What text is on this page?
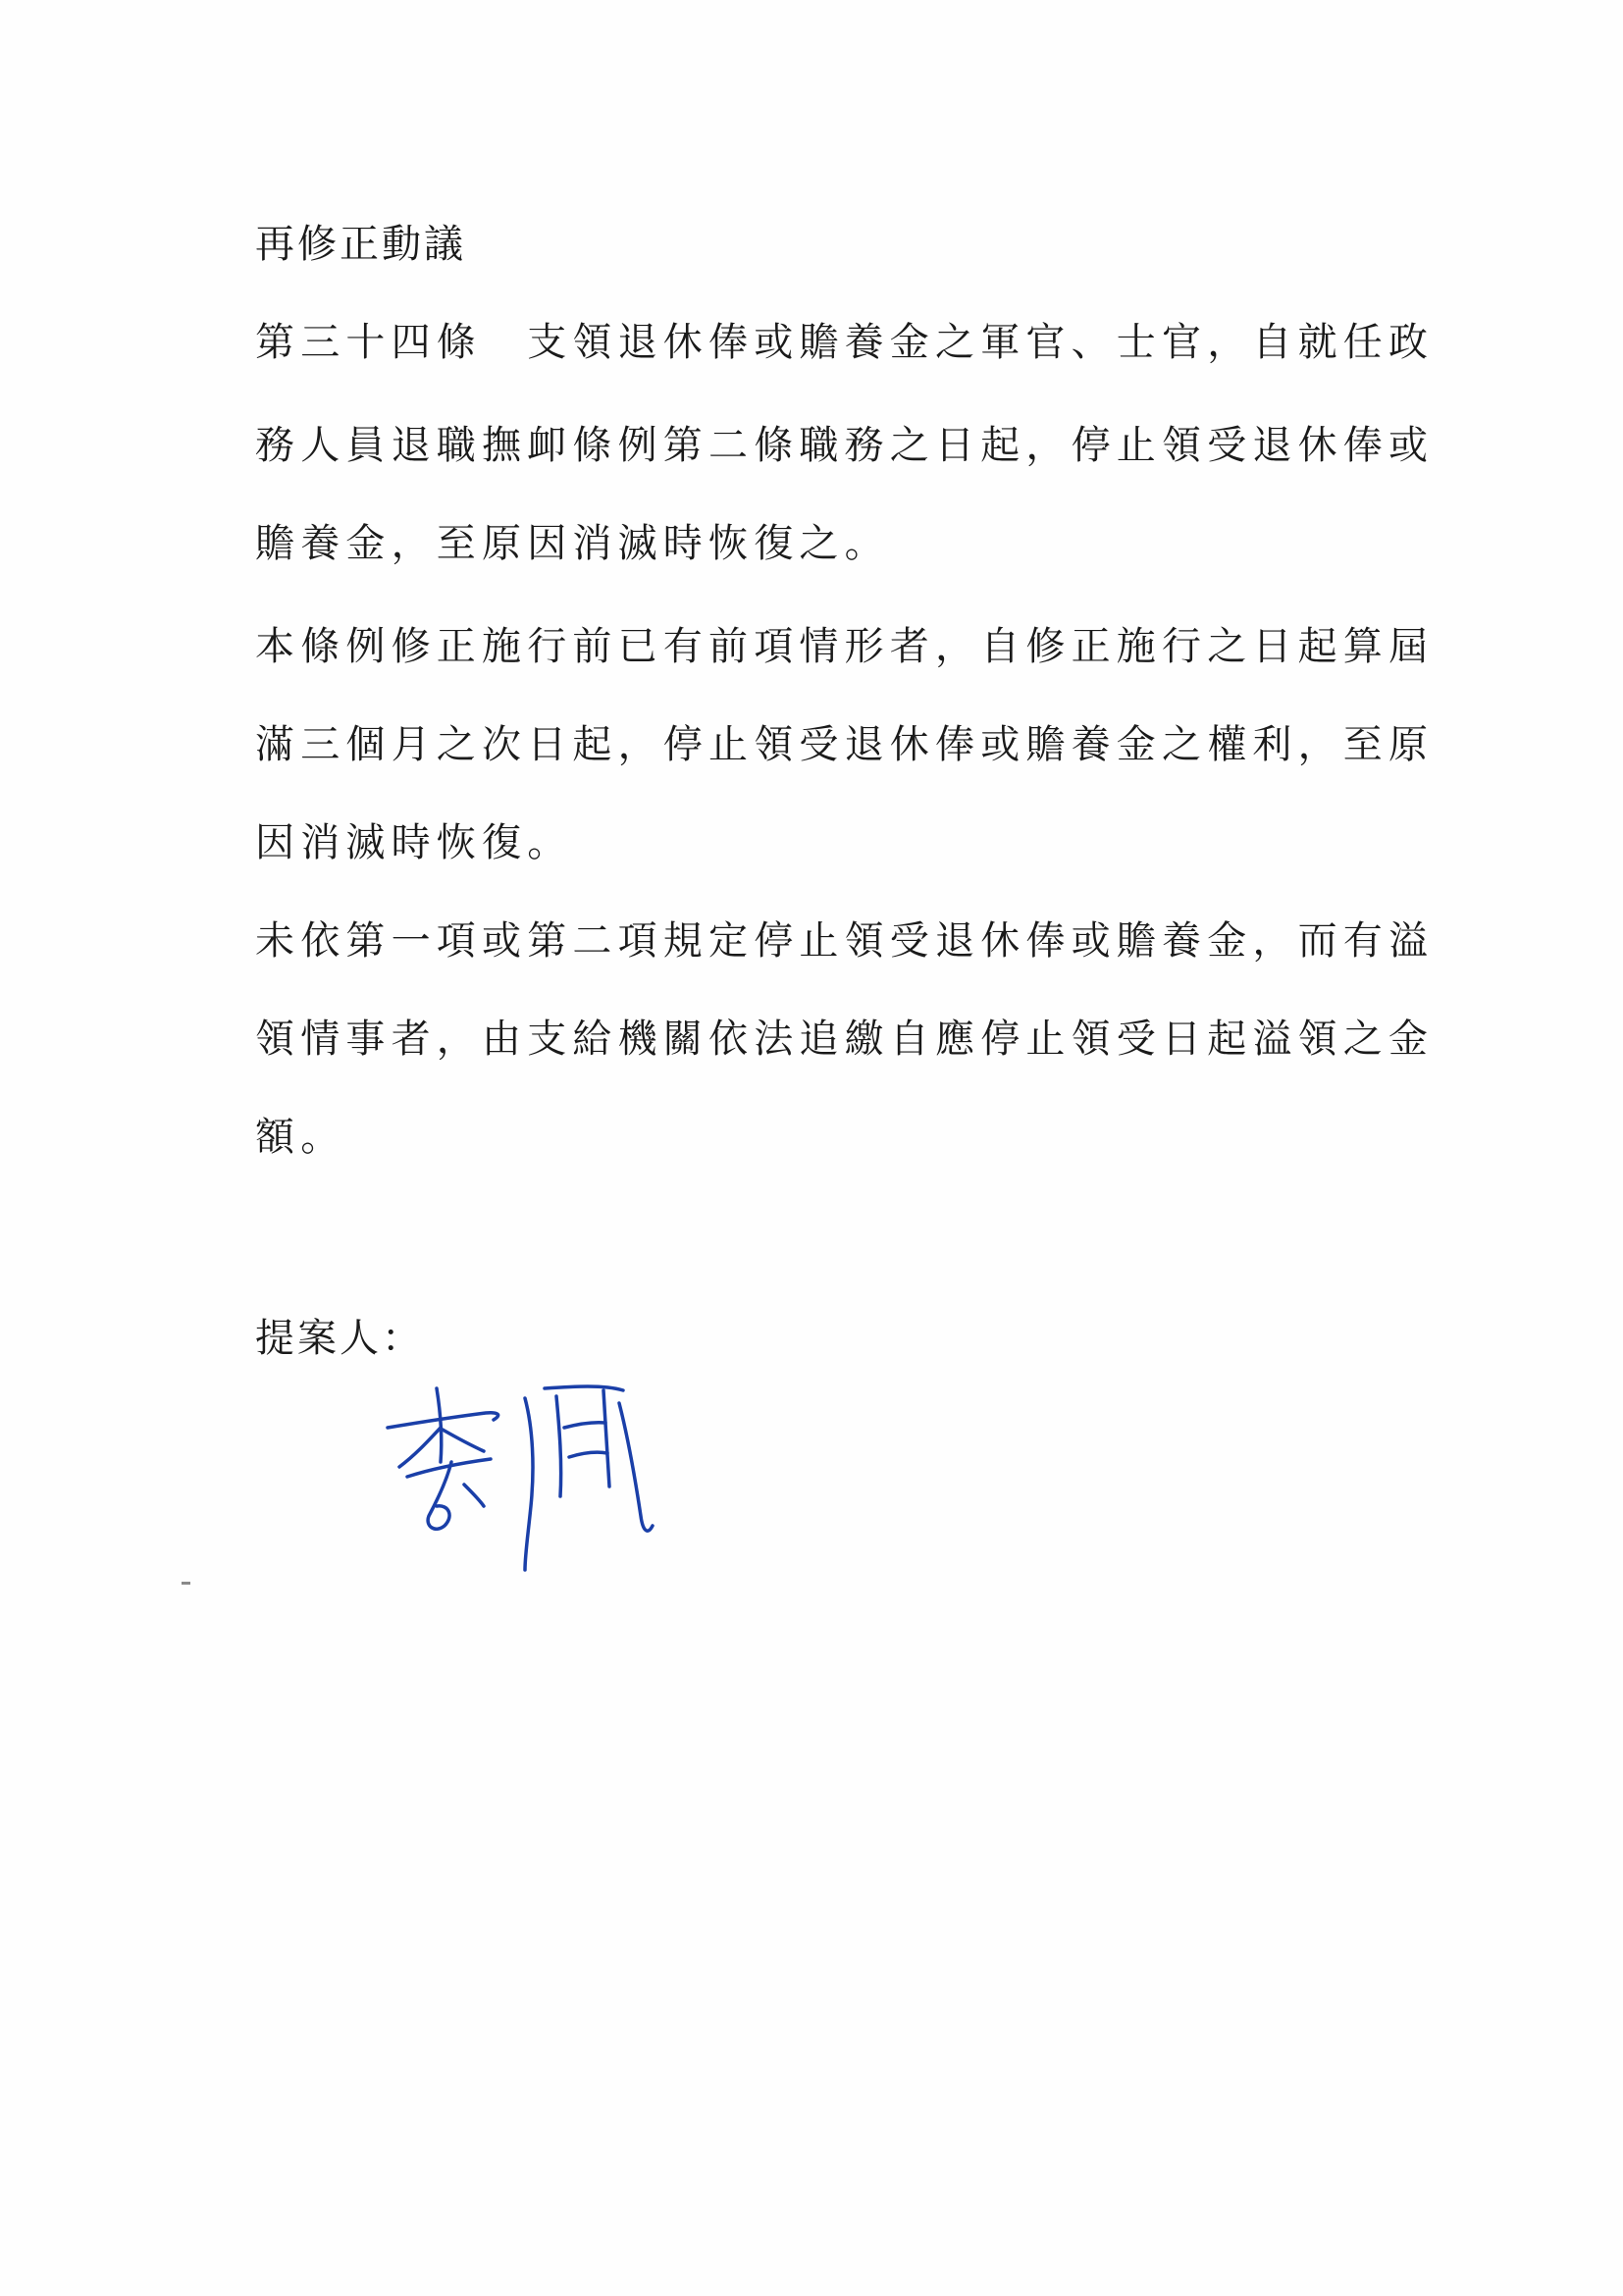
再修正動議
第三十四條　支領退休俸或贍養金之軍官、士官，自就任政
務人員退職撫卹條例第二條職務之日起，停止領受退休俸或
贍養金，至原因消滅時恢復之。
本條例修正施行前已有前項情形者，自修正施行之日起算屆
滿三個月之次日起，停止領受退休俸或贍養金之權利，至原
因消滅時恢復。
未依第一項或第二項規定停止領受退休俸或贍養金，而有溢
領情事者，由支給機關依法追繳自應停止領受日起溢領之金
額。
提案人：
